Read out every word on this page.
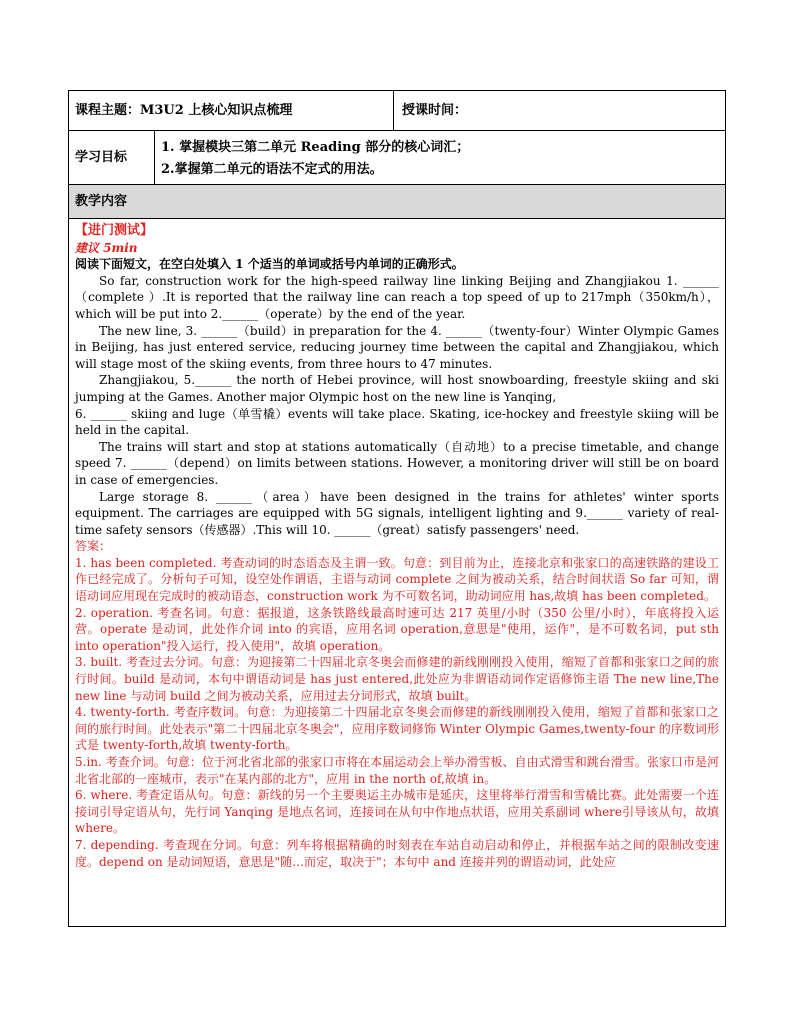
课程主题：M3U2 上核心知识点梳理	授课时间：
学习目标
1. 掌握模块三第二单元 Reading 部分的核心词汇；
2.掌握第二单元的语法不定式的用法。
教学内容
【进门测试】
建议 5min
阅读下面短文，在空白处填入 1 个适当的单词或括号内单词的正确形式。
So far, construction work for the high-speed railway line linking Beijing and Zhangjiakou 1. ______（complete ）.It is reported that the railway line can reach a top speed of up to 217mph（350km/h），which will be put into 2.______（operate）by the end of the year.
The new line, 3. ______（build）in preparation for the 4. ______（twenty-four）Winter Olympic Games in Beijing, has just entered service, reducing journey time between the capital and Zhangjiakou, which will stage most of the skiing events, from three hours to 47 minutes.
Zhangjiakou, 5.______ the north of Hebei province, will host snowboarding, freestyle skiing and ski jumping at the Games. Another major Olympic host on the new line is Yanqing,
6. ______ skiing and luge（单雪橇）events will take place. Skating, ice-hockey and freestyle skiing will be held in the capital.
The trains will start and stop at stations automatically（自动地）to a precise timetable, and change speed 7. ______（depend）on limits between stations. However, a monitoring driver will still be on board in case of emergencies.
Large storage 8. ______（area）have been designed in the trains for athletes' winter sports equipment. The carriages are equipped with 5G signals, intelligent lighting and 9.______ variety of real-time safety sensors（传感器）.This will 10. ______（great）satisfy passengers' need.
答案：
1. has been completed. 考查动词的时态语态及主谓一致。句意：到目前为止，连接北京和张家口的高速铁路的建设工作已经完成了。分析句子可知，设空处作谓语，主语与动词 complete 之间为被动关系，结合时间状语 So far 可知，谓语动词应用现在完成时的被动语态，construction work 为不可数名词，助动词应用 has,故填 has been completed。
2. operation. 考查名词。句意：据报道，这条铁路线最高时速可达 217 英里/小时（350 公里/小时），年底将投入运营。operate 是动词，此处作介词 into 的宾语，应用名词 operation,意思是"使用，运作"，是不可数名词，put sth into operation"投入运行，投入使用"，故填 operation。
3. built. 考查过去分词。句意：为迎接第二十四届北京冬奥会而修建的新线刚刚投入使用，缩短了首都和张家口之间的旅行时间。build 是动词，本句中谓语动词是 has just entered,此处应为非谓语动词作定语修饰主语 The new line,The new line 与动词 build 之间为被动关系，应用过去分词形式，故填 built。
4. twenty-forth. 考查序数词。句意：为迎接第二十四届北京冬奥会而修建的新线刚刚投入使用，缩短了首都和张家口之间的旅行时间。此处表示"第二十四届北京冬奥会"，应用序数词修饰 Winter Olympic Games,twenty-four 的序数词形式是 twenty-forth,故填 twenty-forth。
5.in. 考查介词。句意：位于河北省北部的张家口市将在本届运动会上举办滑雪板、自由式滑雪和跳台滑雪。张家口市是河北省北部的一座城市，表示"在某内部的北方"，应用 in the north of,故填 in。
6. where. 考查定语从句。句意：新线的另一个主要奥运主办城市是延庆，这里将举行滑雪和雪橇比赛。此处需要一个连接词引导定语从句，先行词 Yanqing 是地点名词，连接词在从句中作地点状语，应用关系副词 where引导该从句，故填 where。
7. depending. 考查现在分词。句意：列车将根据精确的时刻表在车站自动启动和停止，并根据车站之间的限制改变速度。depend on 是动词短语，意思是"随…而定，取决于"；本句中 and 连接并列的谓语动词，此处应
